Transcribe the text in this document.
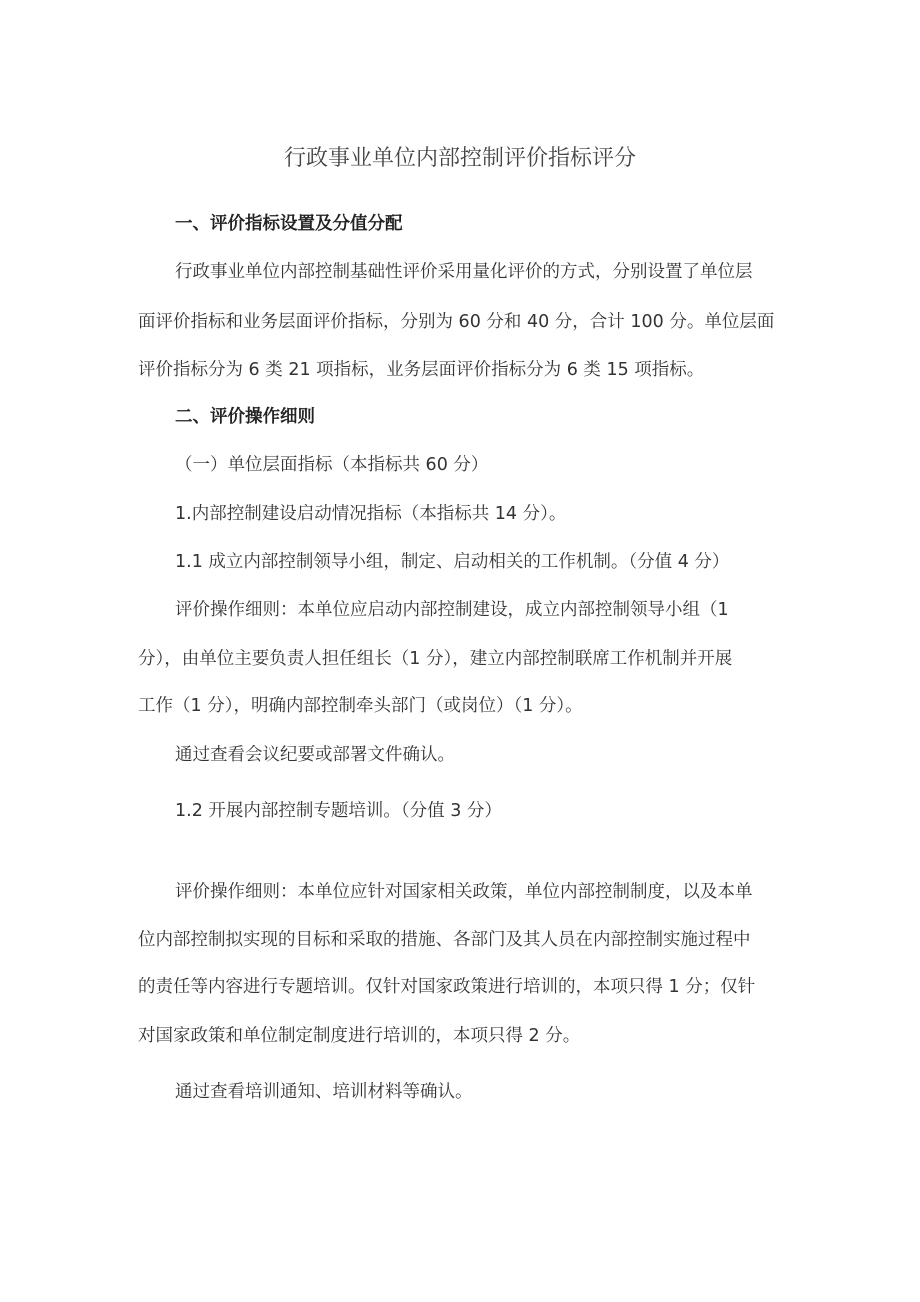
行政事业单位内部控制评价指标评分
一、评价指标设置及分值分配
行政事业单位内部控制基础性评价采用量化评价的方式，分别设置了单位层
面评价指标和业务层面评价指标，分别为 60 分和 40 分，合计 100 分。单位层面
评价指标分为 6 类 21 项指标，业务层面评价指标分为 6 类 15 项指标。
二、评价操作细则
（一）单位层面指标（本指标共 60 分）
1.内部控制建设启动情况指标（本指标共 14 分）。
1.1 成立内部控制领导小组，制定、启动相关的工作机制。（分值 4 分）
评价操作细则：本单位应启动内部控制建设，成立内部控制领导小组（1
分），由单位主要负责人担任组长（1 分），建立内部控制联席工作机制并开展
工作（1 分），明确内部控制牵头部门（或岗位）（1 分）。
通过查看会议纪要或部署文件确认。
1.2 开展内部控制专题培训。（分值 3 分）
评价操作细则：本单位应针对国家相关政策，单位内部控制制度，以及本单
位内部控制拟实现的目标和采取的措施、各部门及其人员在内部控制实施过程中
的责任等内容进行专题培训。仅针对国家政策进行培训的，本项只得 1 分；仅针
对国家政策和单位制定制度进行培训的，本项只得 2 分。
通过查看培训通知、培训材料等确认。
